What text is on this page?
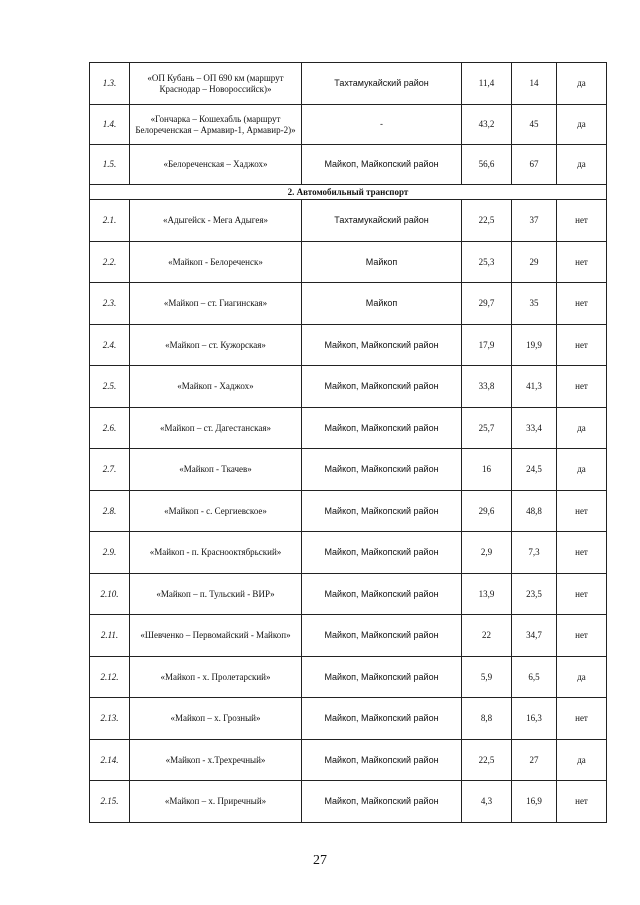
1.3.	«ОП Кубань – ОП 690 км (маршрут Краснодар – Новороссийск)»	Тахтамукайский район	11,4	14	да
1.4.	«Гончарка – Кошехабль (маршрут Белореченская – Армавир-1, Армавир-2)»	-	43,2	45	да
1.5.	«Белореченская – Хаджох»	Майкоп, Майкопский район	56,6	67	да
2. Автомобильный транспорт					
2.1.	«Адыгейск - Мега Адыгея»	Тахтамукайский район	22,5	37	нет
2.2.	«Майкоп - Белореченск»	Майкоп	25,3	29	нет
2.3.	«Майкоп – ст. Гиагинская»	Майкоп	29,7	35	нет
2.4.	«Майкоп – ст. Кужорская»	Майкоп, Майкопский район	17,9	19,9	нет
2.5.	«Майкоп - Хаджох»	Майкоп, Майкопский район	33,8	41,3	нет
2.6.	«Майкоп – ст. Дагестанская»	Майкоп, Майкопский район	25,7	33,4	да
2.7.	«Майкоп - Ткачев»	Майкоп, Майкопский район	16	24,5	да
2.8.	«Майкоп - с. Сергиевское»	Майкоп, Майкопский район	29,6	48,8	нет
2.9.	«Майкоп - п. Краснооктябрьский»	Майкоп, Майкопский район	2,9	7,3	нет
2.10.	«Майкоп – п. Тульский - ВИР»	Майкоп, Майкопский район	13,9	23,5	нет
2.11.	«Шевченко – Первомайский - Майкоп»	Майкоп, Майкопский район	22	34,7	нет
2.12.	«Майкоп - х. Пролетарский»	Майкоп, Майкопский район	5,9	6,5	да
2.13.	«Майкоп – х. Грозный»	Майкоп, Майкопский район	8,8	16,3	нет
2.14.	«Майкоп - х.Трехречный»	Майкоп, Майкопский район	22,5	27	да
2.15.	«Майкоп – х. Приречный»	Майкоп, Майкопский район	4,3	16,9	нет
27
